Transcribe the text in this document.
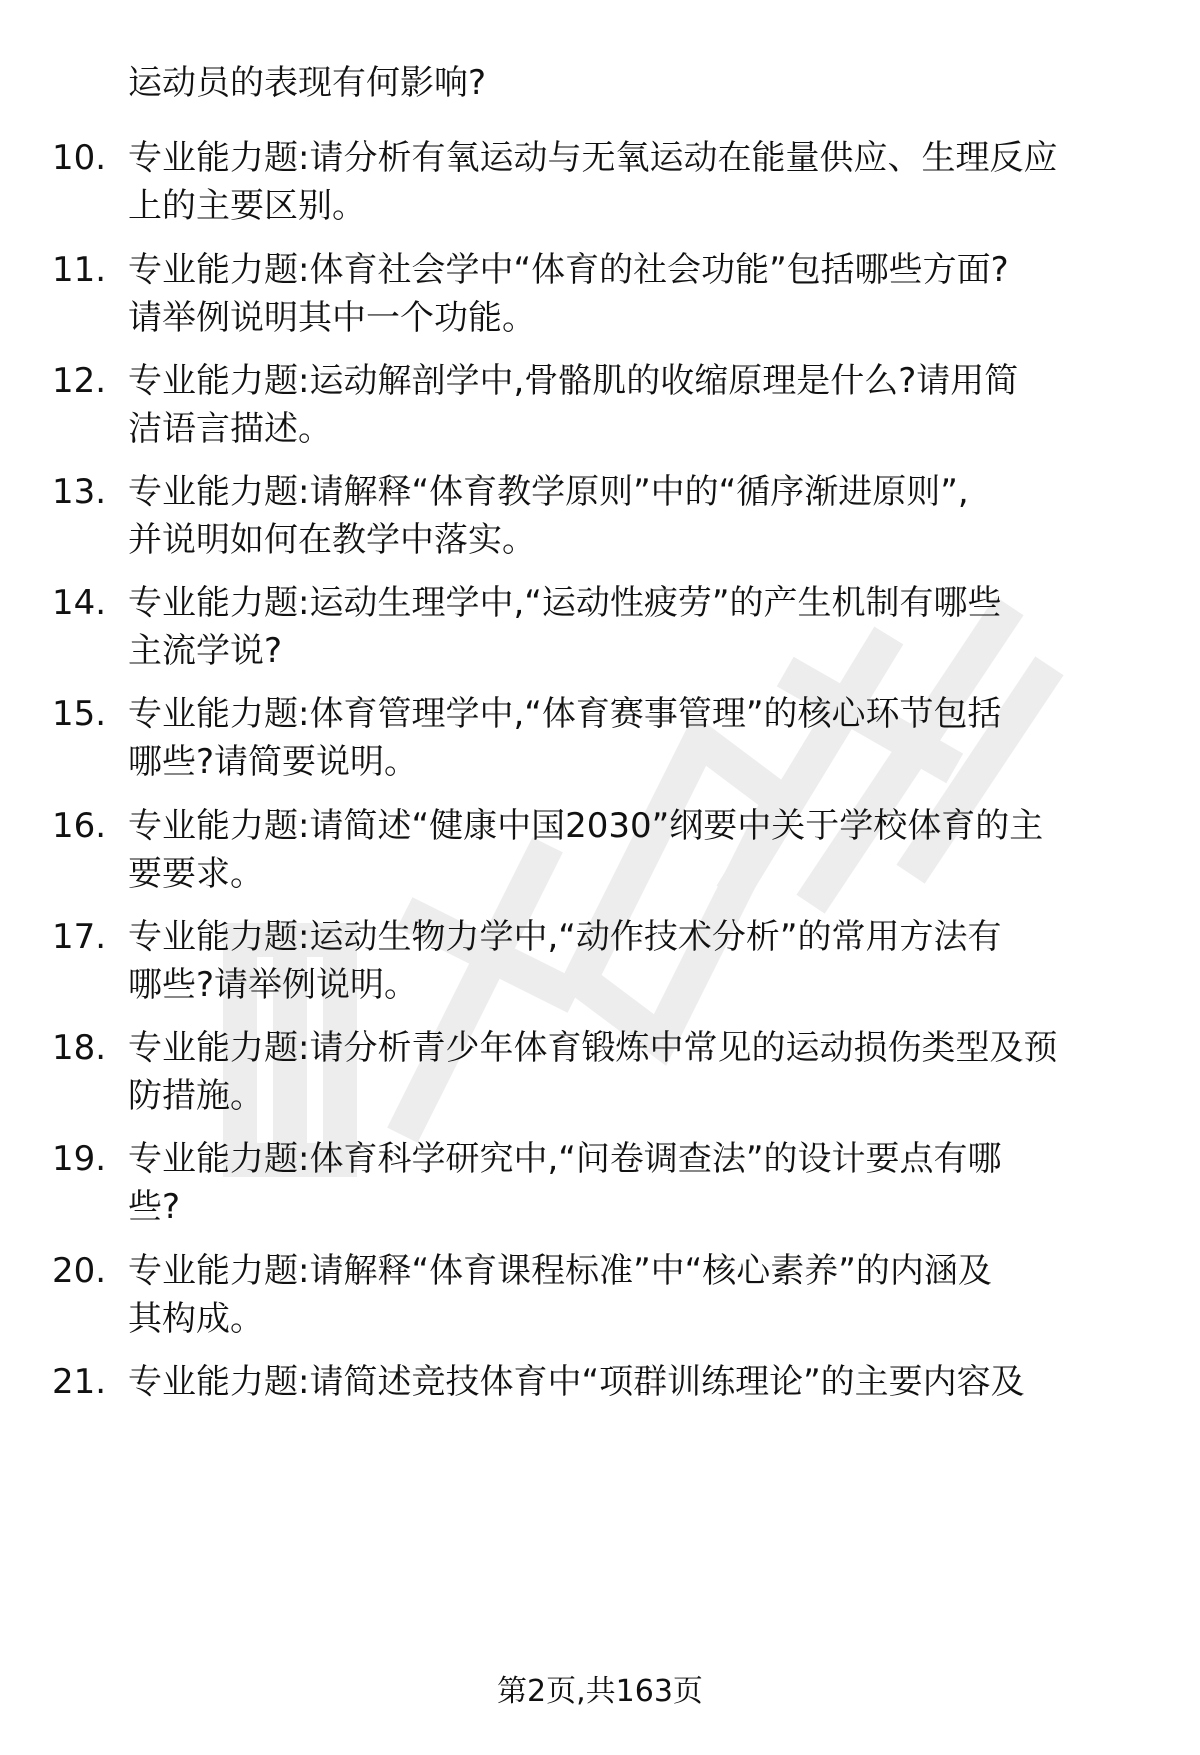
运动员的表现有何影响?
10. 专业能力题:请分析有氧运动与无氧运动在能量供应、生理反应
上的主要区别。
11. 专业能力题:体育社会学中“体育的社会功能”包括哪些方面?
请举例说明其中一个功能。
12. 专业能力题:运动解剖学中,骨骼肌的收缩原理是什么?请用简
洁语言描述。
13. 专业能力题:请解释“体育教学原则”中的“循序渐进原则”,
并说明如何在教学中落实。
14. 专业能力题:运动生理学中,“运动性疲劳”的产生机制有哪些
主流学说?
15. 专业能力题:体育管理学中,“体育赛事管理”的核心环节包括
哪些?请简要说明。
16. 专业能力题:请简述“健康中国2030”纲要中关于学校体育的主
要要求。
17. 专业能力题:运动生物力学中,“动作技术分析”的常用方法有
哪些?请举例说明。
18. 专业能力题:请分析青少年体育锻炼中常见的运动损伤类型及预
防措施。
19. 专业能力题:体育科学研究中,“问卷调查法”的设计要点有哪
些?
20. 专业能力题:请解释“体育课程标准”中“核心素养”的内涵及
其构成。
21. 专业能力题:请简述竞技体育中“项群训练理论”的主要内容及
第2页,共163页
